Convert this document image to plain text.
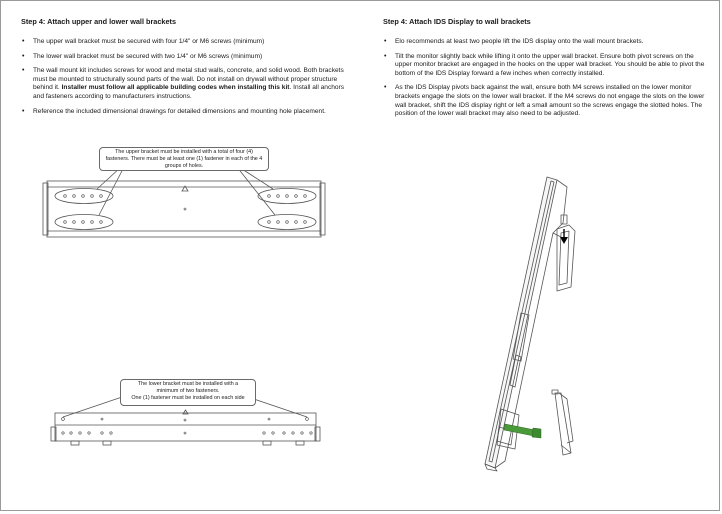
Step 4: Attach upper and lower wall brackets
• The upper wall bracket must be secured with four 1/4" or M6 screws (minimum)
• The lower wall bracket must be secured with two 1/4" or M6 screws (minimum)
• The wall mount kit includes screws for wood and metal stud walls, concrete, and solid wood. Both brackets must be mounted to structurally sound parts of the wall. Do not install on drywall without proper structure behind it. Installer must follow all applicable building codes when installing this kit. Install all anchors and fasteners according to manufacturers instructions.
• Reference the included dimensional drawings for detailed dimensions and mounting hole placement.
The upper bracket must be installed with a total of four (4) fasteners. There must be at least one (1) fastener in each of the 4 groups of holes.
The lower bracket must be installed with a
minimum of two fasteners.
One (1) fastener must be installed on each side
Step 4: Attach IDS Display to wall brackets
• Elo recommends at least two people lift the IDS display onto the wall mount brackets.
• Tilt the monitor slightly back while lifting it onto the upper wall bracket. Ensure both pivot screws on the upper monitor bracket are engaged in the hooks on the upper wall bracket. You should be able to pivot the bottom of the IDS Display forward a few inches when correctly installed.
• As the IDS Display pivots back against the wall, ensure both M4 screws installed on the lower monitor brackets engage the slots on the lower wall bracket. If the M4 screws do not engage the slots on the lower wall bracket, shift the IDS display right or left a small amount so the screws engage the slotted holes. The position of the lower wall bracket may also need to be adjusted.
